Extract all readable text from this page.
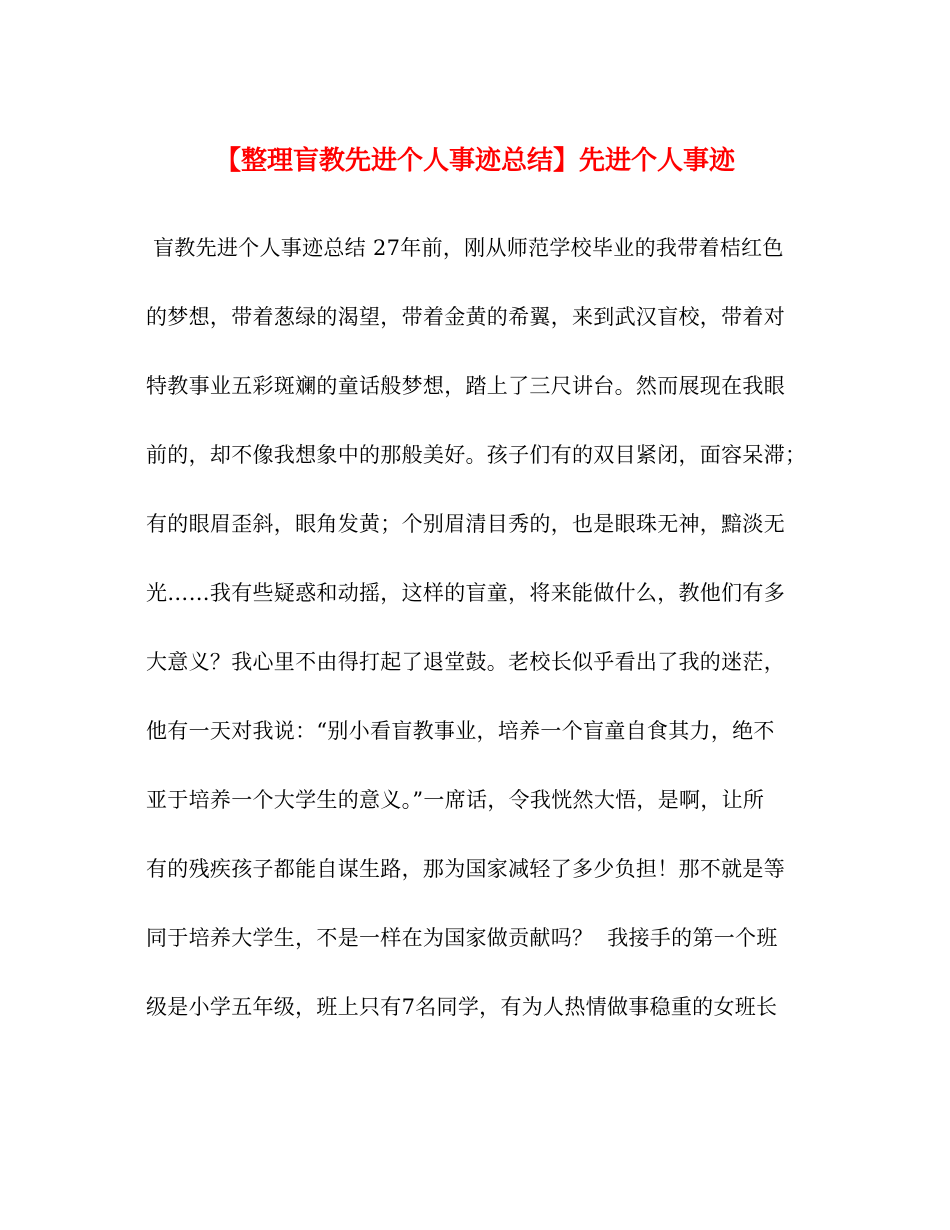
【整理盲教先进个人事迹总结】先进个人事迹
盲教先进个人事迹总结 27年前，刚从师范学校毕业的我带着桔红色
的梦想，带着葱绿的渴望，带着金黄的希翼，来到武汉盲校，带着对
特教事业五彩斑斓的童话般梦想，踏上了三尺讲台。然而展现在我眼
前的，却不像我想象中的那般美好。孩子们有的双目紧闭，面容呆滞；
有的眼眉歪斜，眼角发黄；个别眉清目秀的，也是眼珠无神，黯淡无
光……我有些疑惑和动摇，这样的盲童，将来能做什么，教他们有多
大意义？我心里不由得打起了退堂鼓。老校长似乎看出了我的迷茫，
他有一天对我说：“别小看盲教事业，培养一个盲童自食其力，绝不
亚于培养一个大学生的意义。”一席话，令我恍然大悟，是啊，让所
有的残疾孩子都能自谋生路，那为国家减轻了多少负担！那不就是等
同于培养大学生，不是一样在为国家做贡献吗？  我接手的第一个班
级是小学五年级，班上只有7名同学，有为人热情做事稳重的女班长
